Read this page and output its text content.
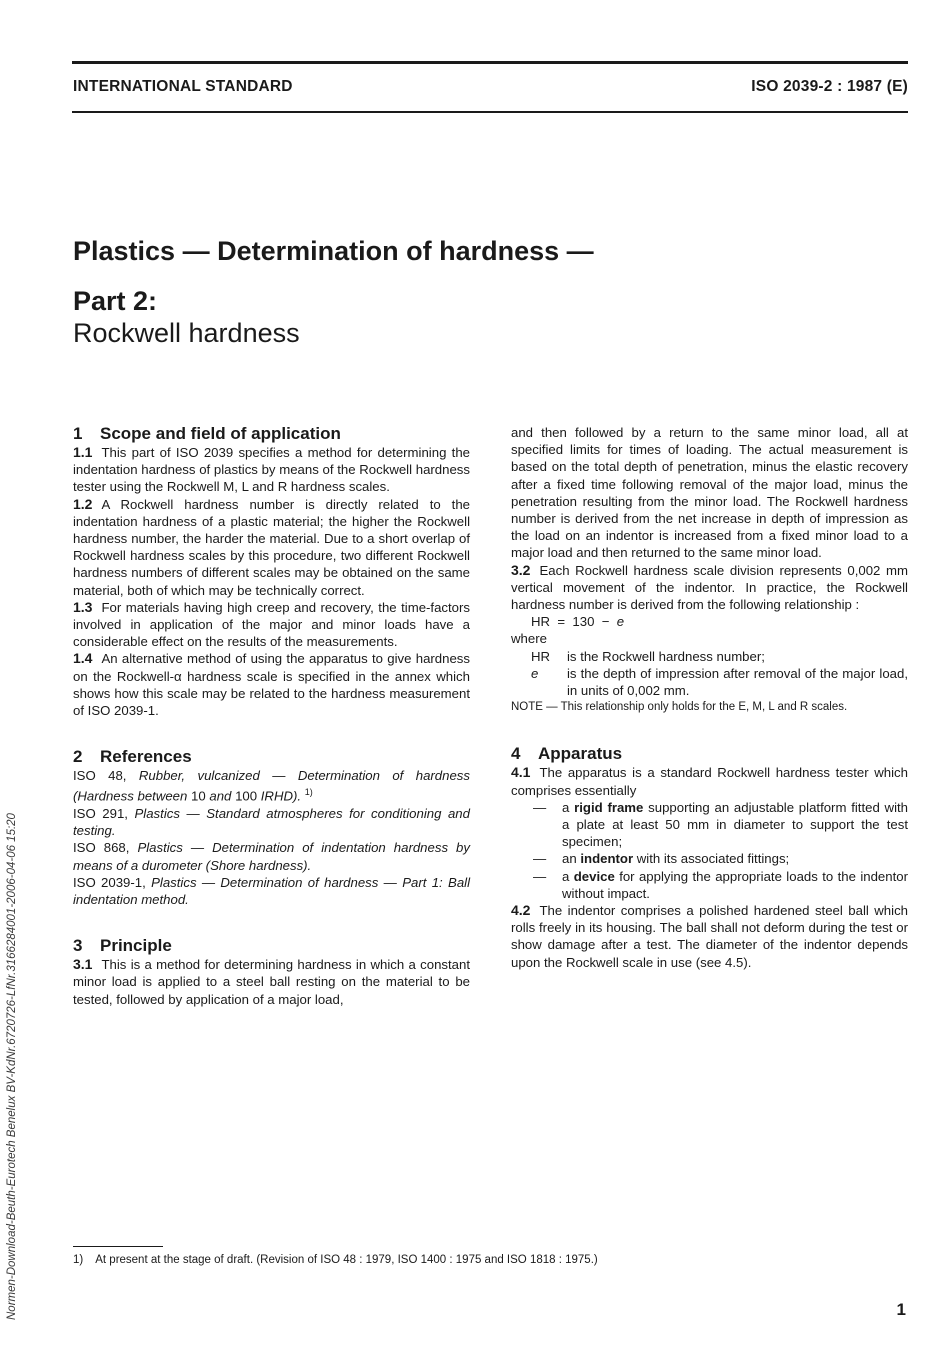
INTERNATIONAL STANDARD	ISO 2039-2 : 1987 (E)
Plastics — Determination of hardness —
Part 2:
Rockwell hardness
1	Scope and field of application

1.1 This part of ISO 2039 specifies a method for determining the indentation hardness of plastics by means of the Rockwell hardness tester using the Rockwell M, L and R hardness scales.

1.2 A Rockwell hardness number is directly related to the indentation hardness of a plastic material; the higher the Rockwell hardness number, the harder the material. Due to a short overlap of Rockwell hardness scales by this procedure, two different Rockwell hardness numbers of different scales may be obtained on the same material, both of which may be technically correct.

1.3 For materials having high creep and recovery, the time-factors involved in application of the major and minor loads have a considerable effect on the results of the measurements.

1.4 An alternative method of using the apparatus to give hardness on the Rockwell-α hardness scale is specified in the annex which shows how this scale may be related to the hardness measurement of ISO 2039-1.

2	References

ISO 48, Rubber, vulcanized — Determination of hardness (Hardness between 10 and 100 IRHD). $^{1)}$

ISO 291, Plastics — Standard atmospheres for conditioning and testing.

ISO 868, Plastics — Determination of indentation hardness by means of a durometer (Shore hardness).

ISO 2039-1, Plastics — Determination of hardness — Part 1: Ball indentation method.

3	Principle

3.1 This is a method for determining hardness in which a constant minor load is applied to a steel ball resting on the material to be tested, followed by application of a major load,

and then followed by a return to the same minor load, all at specified limits for times of loading. The actual measurement is based on the total depth of penetration, minus the elastic recovery after a fixed time following removal of the major load, minus the penetration resulting from the minor load. The Rockwell hardness number is derived from the net increase in depth of impression as the load on an indentor is increased from a fixed minor load to a major load and then returned to the same minor load.

3.2 Each Rockwell hardness scale division represents 0,002 mm vertical movement of the indentor. In practice, the Rockwell hardness number is derived from the following relationship :

HR = 130 − e

where

HR	is the Rockwell hardness number;

e	is the depth of impression after removal of the major load, in units of 0,002 mm.

NOTE — This relationship only holds for the E, M, L and R scales.

4	Apparatus

4.1 The apparatus is a standard Rockwell hardness tester which comprises essentially

—	a rigid frame supporting an adjustable platform fitted with a plate at least 50 mm in diameter to support the test specimen;

—	an indentor with its associated fittings;

—	a device for applying the appropriate loads to the indentor without impact.

4.2 The indentor comprises a polished hardened steel ball which rolls freely in its housing. The ball shall not deform during the test or show damage after a test. The diameter of the indentor depends upon the Rockwell scale in use (see 4.5).

1) At present at the stage of draft. (Revision of ISO 48 : 1979, ISO 1400 : 1975 and ISO 1818 : 1975.)
1
Normen-Download-Beuth-Eurotech Benelux BV-KdNr.6720726-LfNr.3166284001-2006-04-06 15:20
